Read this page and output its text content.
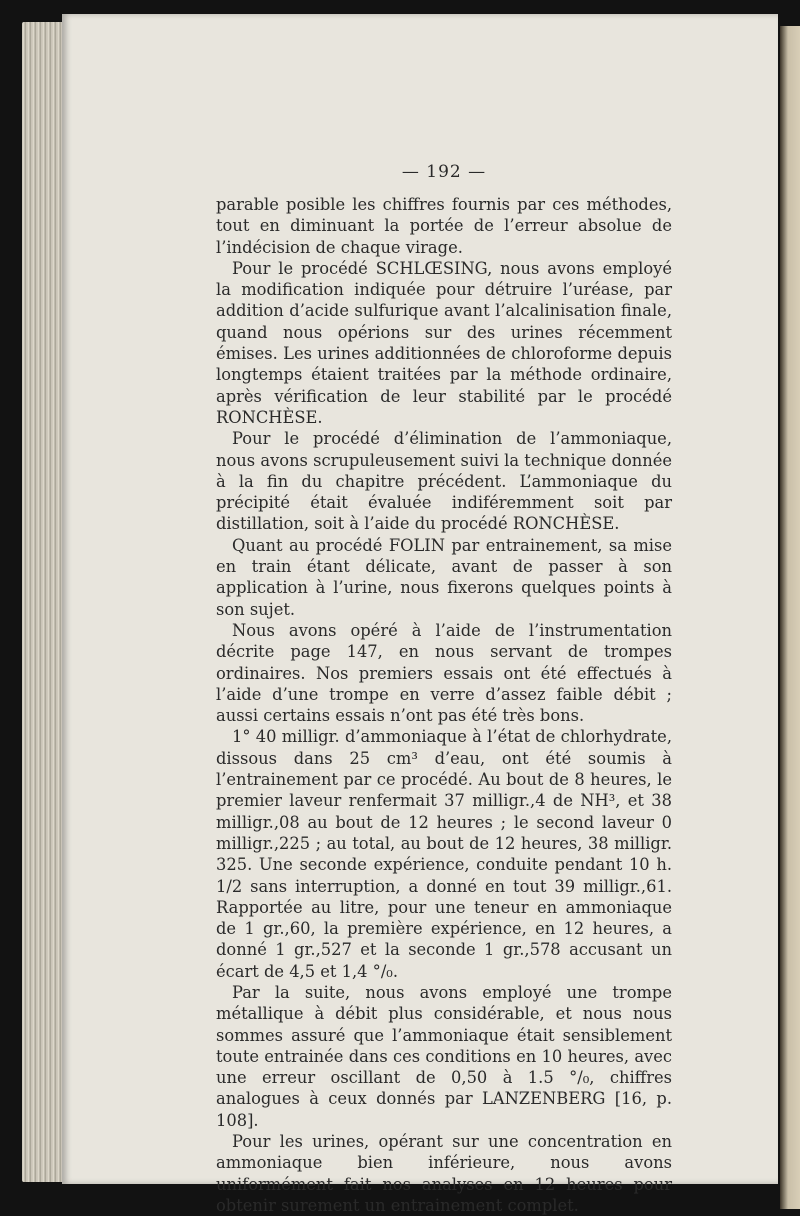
— 192 —

parable posible les chiffres fournis par ces méthodes, tout en diminuant la portée de l’erreur absolue de l’indécision de chaque virage.

Pour le procédé SCHLŒSING, nous avons employé la modification indiquée pour détruire l’uréase, par addition d’acide sulfurique avant l’alcalinisation finale, quand nous opérions sur des urines récemment émises. Les urines additionnées de chloroforme depuis longtemps étaient traitées par la méthode ordinaire, après vérification de leur stabilité par le procédé RONCHÈSE.

Pour le procédé d’élimination de l’ammoniaque, nous avons scrupuleusement suivi la technique donnée à la fin du chapitre précédent. L’ammoniaque du précipité était évaluée indiféremment soit par distillation, soit à l’aide du procédé RONCHÈSE.

Quant au procédé FOLIN par entrainement, sa mise en train étant délicate, avant de passer à son application à l’urine, nous fixerons quelques points à son sujet.

Nous avons opéré à l’aide de l’instrumentation décrite page 147, en nous servant de trompes ordinaires. Nos premiers essais ont été effectués à l’aide d’une trompe en verre d’assez faible débit ; aussi certains essais n’ont pas été très bons.

1° 40 milligr. d’ammoniaque à l’état de chlorhydrate, dissous dans 25 cm³ d’eau, ont été soumis à l’entrainement par ce procédé. Au bout de 8 heures, le premier laveur renfermait 37 milligr.,4 de NH³, et 38 milligr.,08 au bout de 12 heures ; le second laveur 0 milligr.,225 ; au total, au bout de 12 heures, 38 milligr. 325. Une seconde expérience, conduite pendant 10 h. 1/2 sans interruption, a donné en tout 39 milligr.,61. Rapportée au litre, pour une teneur en ammoniaque de 1 gr.,60, la première expérience, en 12 heures, a donné 1 gr.,527 et la seconde 1 gr.,578 accusant un écart de 4,5 et 1,4 °/₀.

Par la suite, nous avons employé une trompe métallique à débit plus considérable, et nous nous sommes assuré que l’ammoniaque était sensiblement toute entrainée dans ces conditions en 10 heures, avec une erreur oscillant de 0,50 à 1.5 °/₀, chiffres analogues à ceux donnés par LANZENBERG [16, p. 108].

Pour les urines, opérant sur une concentration en ammoniaque bien inférieure, nous avons uniformément fait nos analyses en 12 heures pour obtenir surement un entrainement complet.
